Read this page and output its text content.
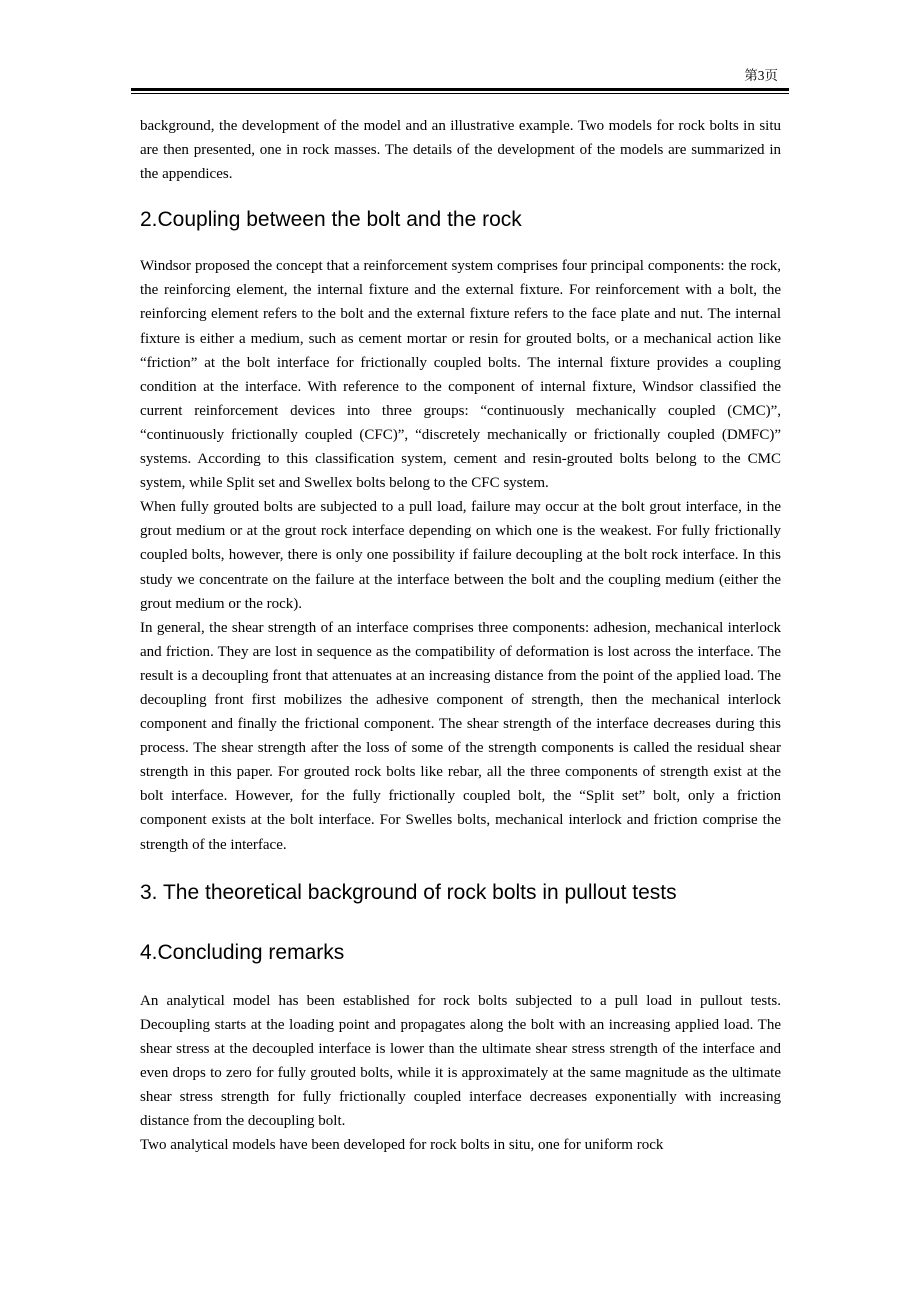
第3页

background, the development of the model and an illustrative example. Two models for rock bolts in situ are then presented, one in rock masses. The details of the development of the models are summarized in the appendices.

2.Coupling between the bolt and the rock

Windsor proposed the concept that a reinforcement system comprises four principal components: the rock, the reinforcing element, the internal fixture and the external fixture. For reinforcement with a bolt, the reinforcing element refers to the bolt and the external fixture refers to the face plate and nut. The internal fixture is either a medium, such as cement mortar or resin for grouted bolts, or a mechanical action like “friction” at the bolt interface for frictionally coupled bolts. The internal fixture provides a coupling condition at the interface. With reference to the component of internal fixture, Windsor classified the current reinforcement devices into three groups: “continuously mechanically coupled (CMC)”, “continuously frictionally coupled (CFC)”, “discretely mechanically or frictionally coupled (DMFC)” systems. According to this classification system, cement and resin-grouted bolts belong to the CMC system, while Split set and Swellex bolts belong to the CFC system.

When fully grouted bolts are subjected to a pull load, failure may occur at the bolt grout interface, in the grout medium or at the grout rock interface depending on which one is the weakest. For fully frictionally coupled bolts, however, there is only one possibility if failure decoupling at the bolt rock interface. In this study we concentrate on the failure at the interface between the bolt and the coupling medium (either the grout medium or the rock).

In general, the shear strength of an interface comprises three components: adhesion, mechanical interlock and friction. They are lost in sequence as the compatibility of deformation is lost across the interface. The result is a decoupling front that attenuates at an increasing distance from the point of the applied load. The decoupling front first mobilizes the adhesive component of strength, then the mechanical interlock component and finally the frictional component. The shear strength of the interface decreases during this process. The shear strength after the loss of some of the strength components is called the residual shear strength in this paper. For grouted rock bolts like rebar, all the three components of strength exist at the bolt interface. However, for the fully frictionally coupled bolt, the “Split set” bolt, only a friction component exists at the bolt interface. For Swelles bolts, mechanical interlock and friction comprise the strength of the interface.

3. The theoretical background of rock bolts in pullout tests
4.Concluding remarks

An analytical model has been established for rock bolts subjected to a pull load in pullout tests. Decoupling starts at the loading point and propagates along the bolt with an increasing applied load. The shear stress at the decoupled interface is lower than the ultimate shear stress strength of the interface and even drops to zero for fully grouted bolts, while it is approximately at the same magnitude as the ultimate shear stress strength for fully frictionally coupled interface decreases exponentially with increasing distance from the decoupling bolt.

Two analytical models have been developed for rock bolts in situ, one for uniform rock
